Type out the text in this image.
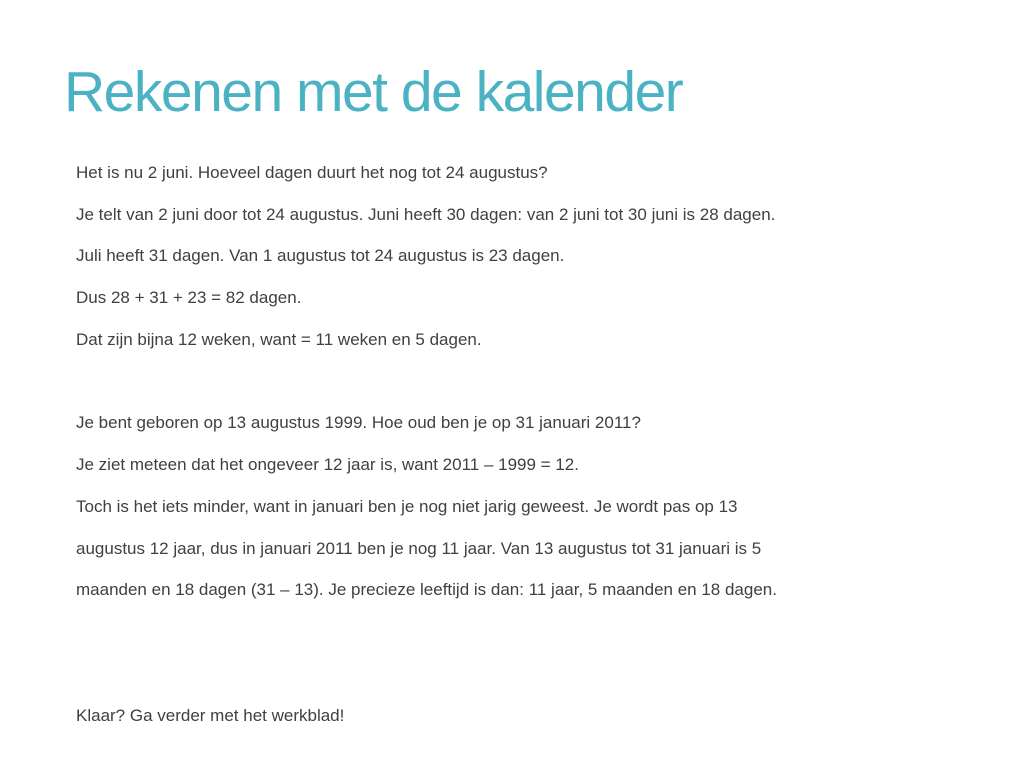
Rekenen met de kalender

Het is nu 2 juni. Hoeveel dagen duurt het nog tot 24 augustus?

Je telt van 2 juni door tot 24 augustus. Juni heeft 30 dagen: van 2 juni tot 30 juni is 28 dagen.

Juli heeft 31 dagen. Van 1 augustus tot 24 augustus is 23 dagen.

Dus 28 + 31 + 23 = 82 dagen.

Dat zijn bijna 12 weken, want = 11 weken en 5 dagen.

Je bent geboren op 13 augustus 1999. Hoe oud ben je op 31 januari 2011?

Je ziet meteen dat het ongeveer 12 jaar is, want 2011 – 1999 = 12.

Toch is het iets minder, want in januari ben je nog niet jarig geweest. Je wordt pas op 13

augustus 12 jaar, dus in januari 2011 ben je nog 11 jaar. Van 13 augustus tot 31 januari is 5

maanden en 18 dagen (31 – 13). Je precieze leeftijd is dan: 11 jaar, 5 maanden en 18 dagen.

Klaar? Ga verder met het werkblad!
